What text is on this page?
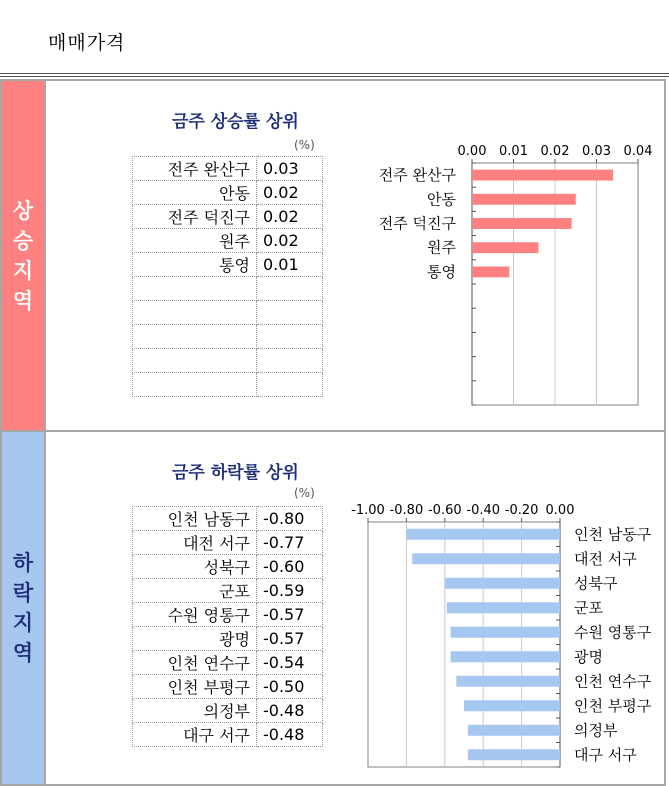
매매가격
상
승
지
역
금주 상승률 상위
(%)
전주 완산구	0.03
안동	0.02
전주 덕진구	0.02
원주	0.02
통영	0.01

0.00 0.01 0.02 0.03 0.04
전주 완산구
안동
전주 덕진구
원주
통영
하
락
지
역
금주 하락률 상위
(%)
인천 남동구	-0.80
대전 서구	-0.77
성북구	-0.60
군포	-0.59
수원 영통구	-0.57
광명	-0.57
인천 연수구	-0.54
인천 부평구	-0.50
의정부	-0.48
대구 서구	-0.48
-1.00 -0.80 -0.60 -0.40 -0.20 0.00
인천 남동구
대전 서구
성북구
군포
수원 영통구
광명
인천 연수구
인천 부평구
의정부
대구 서구
